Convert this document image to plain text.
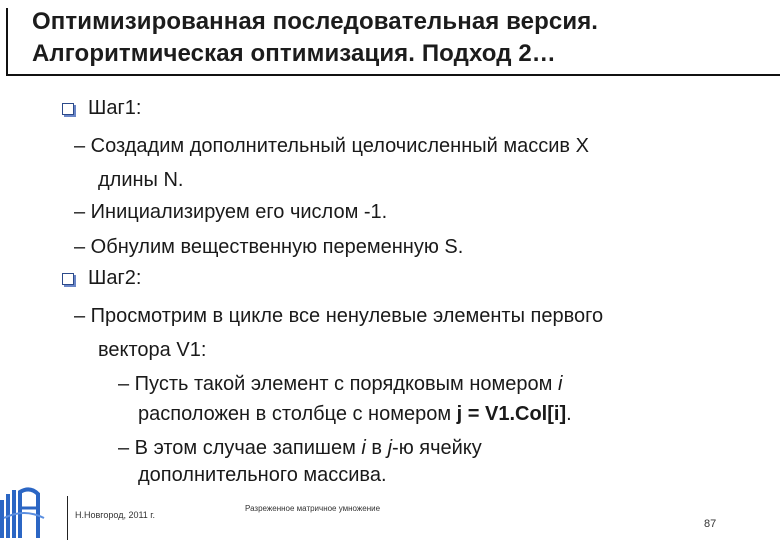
Оптимизированная последовательная версия.
Алгоритмическая оптимизация. Подход 2…
Шаг1:
– Создадим дополнительный целочисленный массив X
длины N.
– Инициализируем его числом -1.
– Обнулим вещественную переменную S.
Шаг2:
– Просмотрим в цикле все ненулевые элементы первого
вектора V1:
– Пусть такой элемент с порядковым номером i
расположен в столбце с номером j = V1.Col[i].
– В этом случае запишем i в j-ю ячейку
дополнительного массива.
Н.Новгород, 2011 г.
Разреженное матричное умножение
87
